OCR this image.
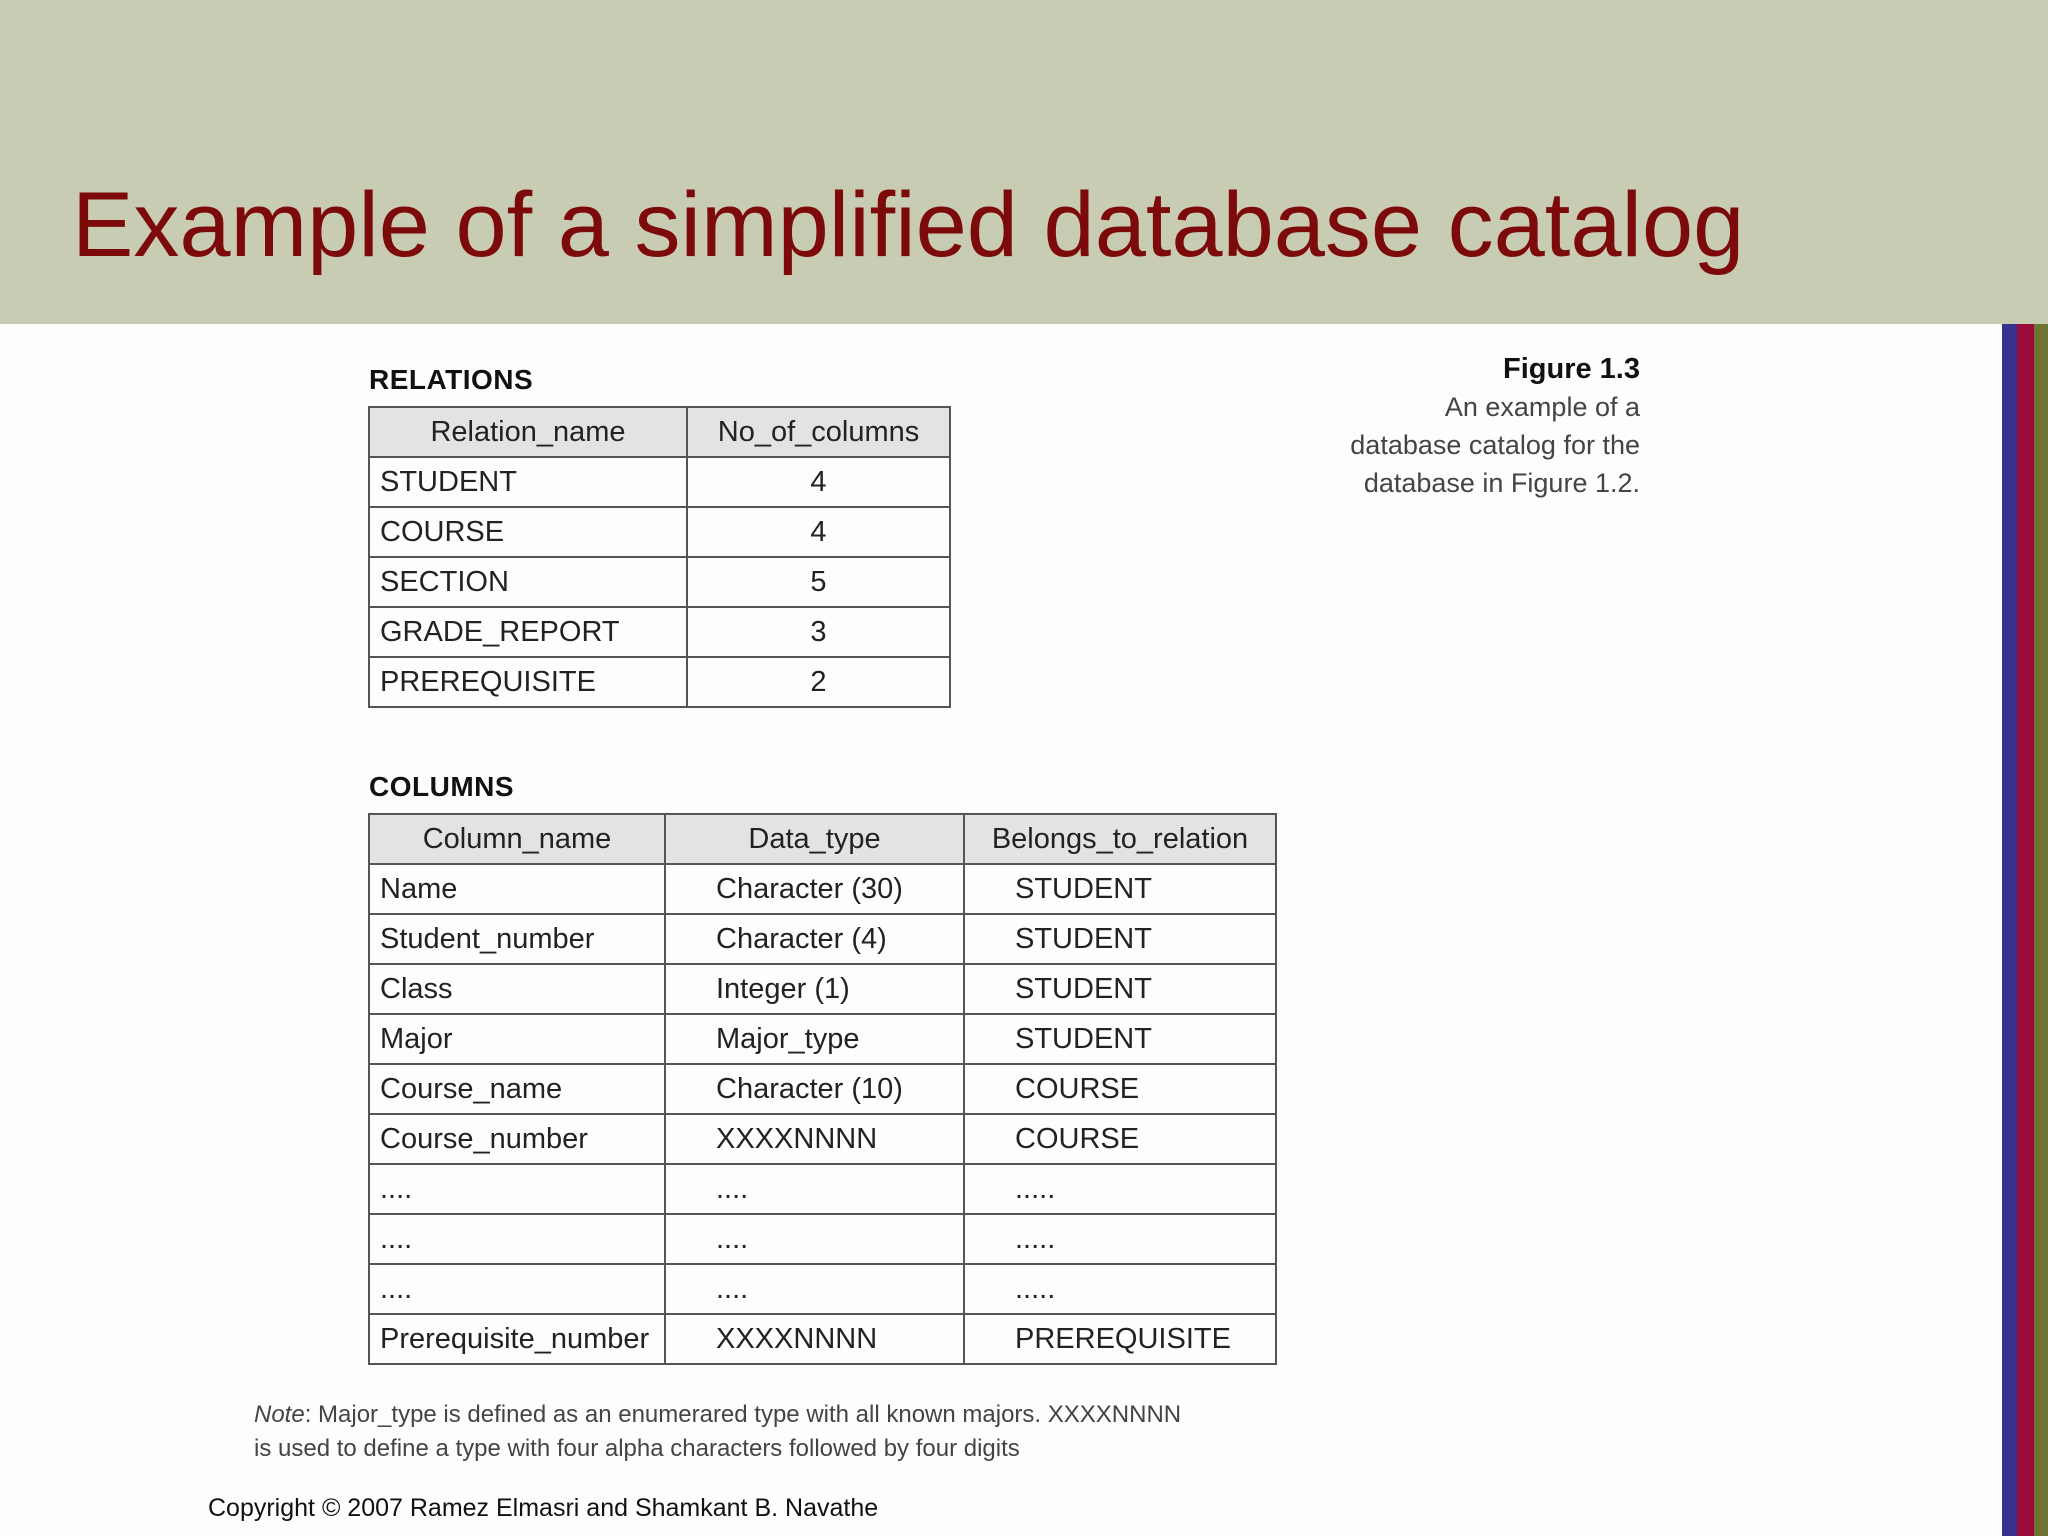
Example of a simplified database catalog
RELATIONS
Relation_name	No_of_columns
STUDENT	4
COURSE	4
SECTION	5
GRADE_REPORT	3
PREREQUISITE	2
Figure 1.3
An example of a
database catalog for the
database in Figure 1.2.
COLUMNS
Column_name	Data_type	Belongs_to_relation
Name	Character (30)	STUDENT
Student_number	Character (4)	STUDENT
Class	Integer (1)	STUDENT
Major	Major_type	STUDENT
Course_name	Character (10)	COURSE
Course_number	XXXXNNNN	COURSE
....	....	.....
....	....	.....
....	....	.....
Prerequisite_number	XXXXNNNN	PREREQUISITE
Note: Major_type is defined as an enumerared type with all known majors. XXXXNNNN
is used to define a type with four alpha characters followed by four digits
Copyright © 2007 Ramez Elmasri and Shamkant B. Navathe
